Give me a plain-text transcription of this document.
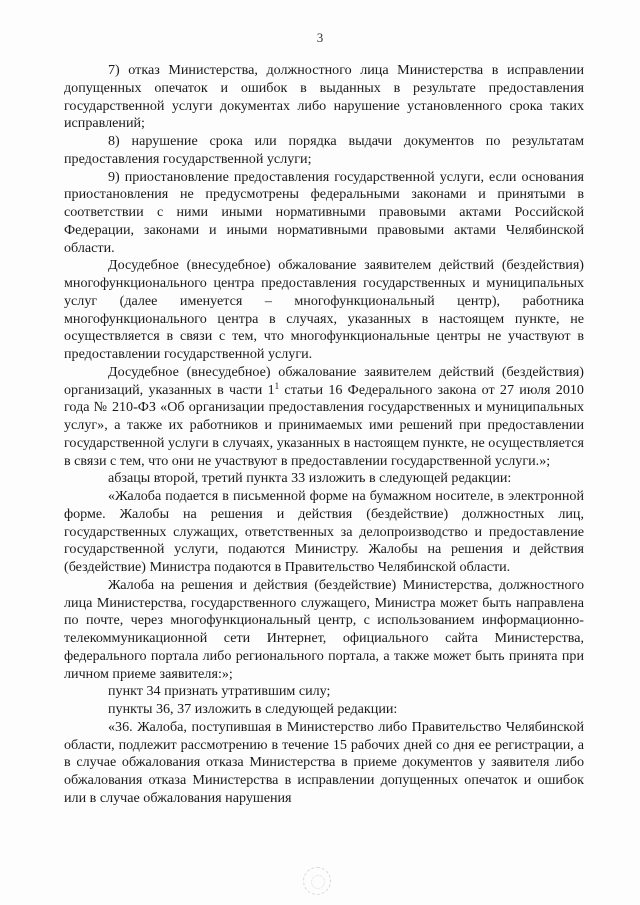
3

7) отказ Министерства, должностного лица Министерства в исправлении допущенных опечаток и ошибок в выданных в результате предоставления государственной услуги документах либо нарушение установленного срока таких исправлений;

8) нарушение срока или порядка выдачи документов по результатам предоставления государственной услуги;

9) приостановление предоставления государственной услуги, если основания приостановления не предусмотрены федеральными законами и принятыми в соответствии с ними иными нормативными правовыми актами Российской Федерации, законами и иными нормативными правовыми актами Челябинской области.

Досудебное (внесудебное) обжалование заявителем действий (бездействия) многофункционального центра предоставления государственных и муниципальных услуг (далее именуется – многофункциональный центр), работника многофункционального центра в случаях, указанных в настоящем пункте, не осуществляется в связи с тем, что многофункциональные центры не участвуют в предоставлении государственной услуги.

Досудебное (внесудебное) обжалование заявителем действий (бездействия) организаций, указанных в части $1^1$ статьи 16 Федерального закона от 27 июля 2010 года № 210-ФЗ «Об организации предоставления государственных и муниципальных услуг», а также их работников и принимаемых ими решений при предоставлении государственной услуги в случаях, указанных в настоящем пункте, не осуществляется в связи с тем, что они не участвуют в предоставлении государственной услуги.»;

абзацы второй, третий пункта 33 изложить в следующей редакции:

«Жалоба подается в письменной форме на бумажном носителе, в электронной форме. Жалобы на решения и действия (бездействие) должностных лиц, государственных служащих, ответственных за делопроизводство и предоставление государственной услуги, подаются Министру. Жалобы на решения и действия (бездействие) Министра подаются в Правительство Челябинской области.

Жалоба на решения и действия (бездействие) Министерства, должностного лица Министерства, государственного служащего, Министра может быть направлена по почте, через многофункциональный центр, с использованием информационно-телекоммуникационной сети Интернет, официального сайта Министерства, федерального портала либо регионального портала, а также может быть принята при личном приеме заявителя:»;

пункт 34 признать утратившим силу;

пункты 36, 37 изложить в следующей редакции:

«36. Жалоба, поступившая в Министерство либо Правительство Челябинской области, подлежит рассмотрению в течение 15 рабочих дней со дня ее регистрации, а в случае обжалования отказа Министерства в приеме документов у заявителя либо обжалования отказа Министерства в исправлении допущенных опечаток и ошибок или в случае обжалования нарушения
